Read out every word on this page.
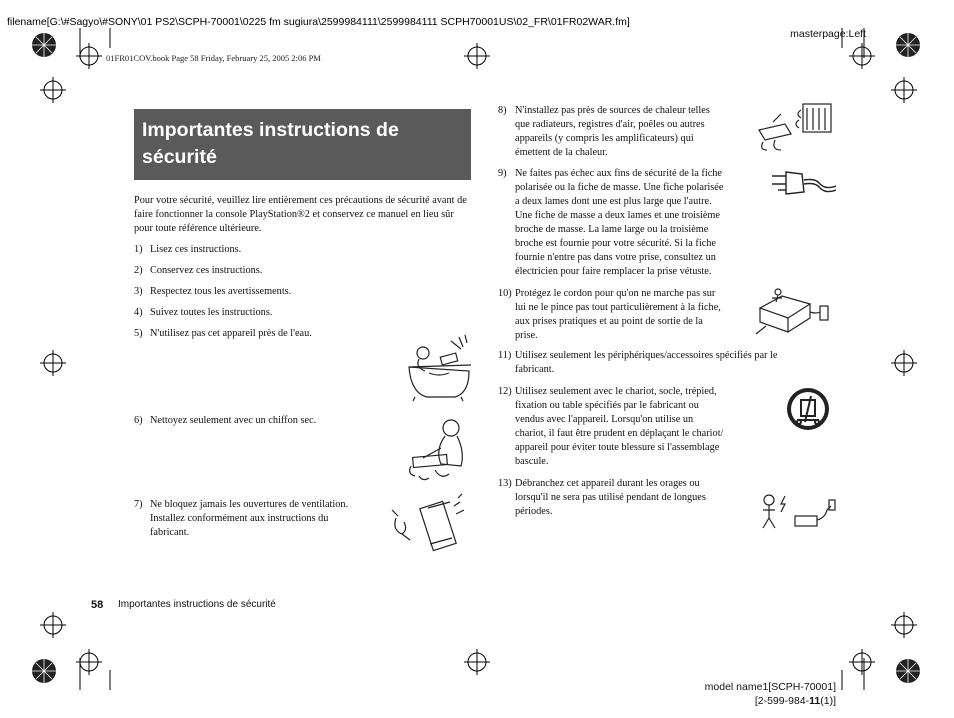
filename[G:\#Sagyo\#SONY\01 PS2\SCPH-70001\0225 fm sugiura\2599984111\2599984111 SCPH70001US\02_FR\01FR02WAR.fm]
masterpage:Left
01FR01COV.book Page 58 Friday, February 25, 2005 2:06 PM
Importantes instructions de
sécurité
Pour votre sécurité, veuillez lire entièrement ces précautions de sécurité avant de faire fonctionner la console PlayStation®2 et conservez ce manuel en lieu sûr pour toute référence ultérieure.
1) Lisez ces instructions.
2) Conservez ces instructions.
3) Respectez tous les avertissements.
4) Suivez toutes les instructions.
5) N'utilisez pas cet appareil près de l'eau.
6) Nettoyez seulement avec un chiffon sec.
7) Ne bloquez jamais les ouvertures de ventilation.
Installez conformément aux instructions du
fabricant.
8) N'installez pas près de sources de chaleur telles
que radiateurs, registres d'air, poêles ou autres
appareils (y compris les amplificateurs) qui
émettent de la chaleur.
9) Ne faites pas échec aux fins de sécurité de la fiche
polarisée ou la fiche de masse. Une fiche polarisée
a deux lames dont une est plus large que l'autre.
Une fiche de masse a deux lames et une troisième
broche de masse. La lame large ou la troisième
broche est fournie pour votre sécurité. Si la fiche
fournie n'entre pas dans votre prise, consultez un
électricien pour faire remplacer la prise vétuste.
10) Protégez le cordon pour qu'on ne marche pas sur
lui ne le pince pas tout particulièrement à la fiche,
aux prises pratiques et au point de sortie de la
prise.
11) Utilisez seulement les périphériques/accessoires spécifiés par le
fabricant.
12) Utilisez seulement avec le chariot, socle, trépied,
fixation ou table spécifiés par le fabricant ou
vendus avec l'appareil. Lorsqu'on utilise un
chariot, il faut être prudent en déplaçant le chariot/
appareil pour éviter toute blessure si l'assemblage
bascule.
13) Débranchez cet appareil durant les orages ou
lorsqu'il ne sera pas utilisé pendant de longues
périodes.
58 Importantes instructions de sécurité
model name1[SCPH-70001]
[2-599-984-11(1)]
